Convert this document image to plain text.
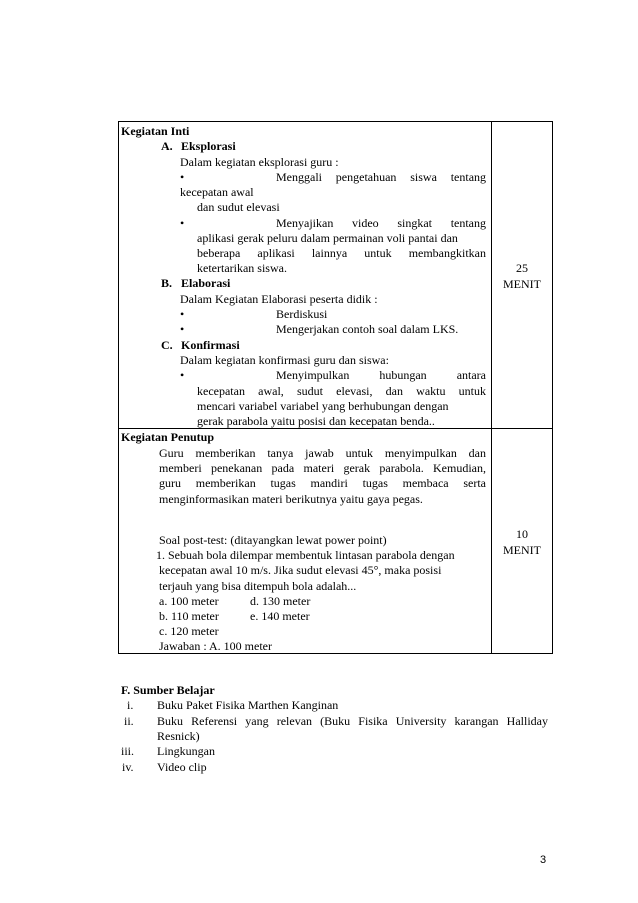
Kegiatan Inti
A. Eksplorasi
Dalam kegiatan eksplorasi guru :
•	Menggali pengetahuan siswa tentang
kecepatan awal
dan sudut elevasi
•	Menyajikan video singkat tentang
aplikasi gerak peluru dalam permainan voli pantai dan
beberapa aplikasi lainnya untuk membangkitkan
ketertarikan siswa.
B. Elaborasi
Dalam Kegiatan Elaborasi peserta didik :
•	Berdiskusi
•	Mengerjakan contoh soal dalam LKS.
C. Konfirmasi
Dalam kegiatan konfirmasi guru dan siswa:
•	Menyimpulkan	hubungan	antara
kecepatan awal, sudut elevasi, dan waktu untuk
mencari variabel variabel yang berhubungan dengan
gerak parabola yaitu posisi dan kecepatan benda..
25
MENIT
Kegiatan Penutup
Guru memberikan tanya jawab untuk menyimpulkan dan
memberi penekanan pada materi gerak parabola. Kemudian,
guru memberikan tugas mandiri tugas membaca serta
menginformasikan materi berikutnya yaitu gaya pegas.
Soal post-test: (ditayangkan lewat power point)
1. Sebuah bola dilempar membentuk lintasan parabola dengan
kecepatan awal 10 m/s. Jika sudut elevasi 45°, maka posisi
terjauh yang bisa ditempuh bola adalah...
a. 100 meter	d. 130 meter
b. 110 meter	e. 140 meter
c. 120 meter
Jawaban : A. 100 meter
10
MENIT
F. Sumber Belajar
i. Buku Paket Fisika Marthen Kanginan
ii. Buku Referensi yang relevan (Buku Fisika University karangan Halliday
Resnick)
iii. Lingkungan
iv. Video clip
3
